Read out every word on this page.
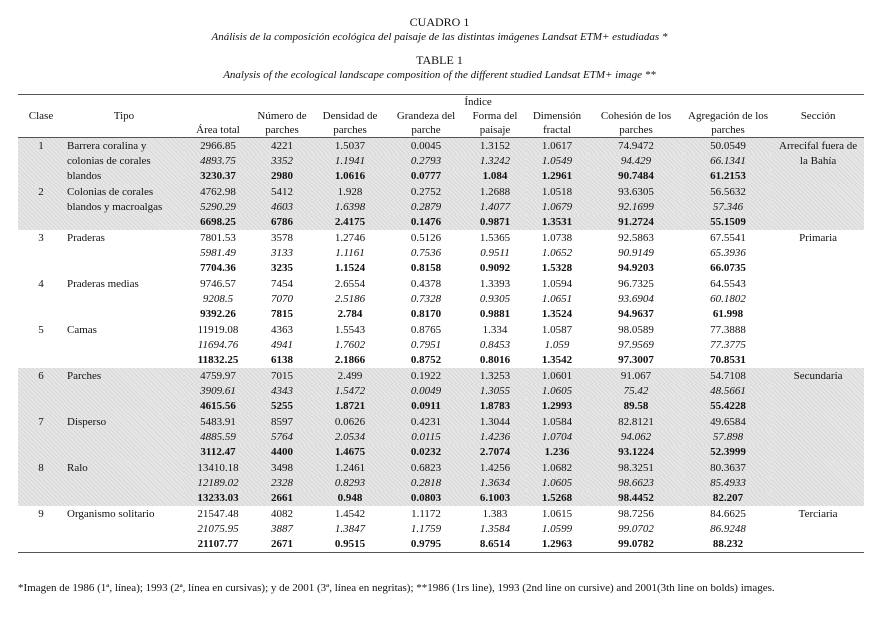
CUADRO 1
Análisis de la composición ecológica del paisaje de las distintas imágenes Landsat ETM+ estudiadas *
TABLE 1
Analysis of the ecological landscape composition of the different studied Landsat ETM+ image **
		Índice								
Clase	Tipo	Área total	Número de parches	Densidad de parches	Grandeza del parche	Forma del paisaje	Dimensión fractal	Cohesión de los parches	Agregación de los parches	Sección
1	Barrera coralina y colonias de corales blandos	2966.85	4221	1.5037	0.0045	1.3152	1.0617	74.9472	50.0549	Arrecifal fuera de la Bahía
		4893.75	3352	1.1941	0.2793	1.3242	1.0549	94.429	66.1341	
		3230.37	2980	1.0616	0.0777	1.084	1.2961	90.7484	61.2153	
2	Colonias de corales blandos y macroalgas	4762.98	5412	1.928	0.2752	1.2688	1.0518	93.6305	56.5632	
		5290.29	4603	1.6398	0.2879	1.4077	1.0679	92.1699	57.346	
		6698.25	6786	2.4175	0.1476	0.9871	1.3531	91.2724	55.1509	
3	Praderas	7801.53	3578	1.2746	0.5126	1.5365	1.0738	92.5863	67.5541	Primaria
		5981.49	3133	1.1161	0.7536	0.9511	1.0652	90.9149	65.3936	
		7704.36	3235	1.1524	0.8158	0.9092	1.5328	94.9203	66.0735	
4	Praderas medias	9746.57	7454	2.6554	0.4378	1.3393	1.0594	96.7325	64.5543	
		9208.5	7070	2.5186	0.7328	0.9305	1.0651	93.6904	60.1802	
		9392.26	7815	2.784	0.8170	0.9881	1.3524	94.9637	61.998	
5	Camas	11919.08	4363	1.5543	0.8765	1.334	1.0587	98.0589	77.3888	
		11694.76	4941	1.7602	0.7951	0.8453	1.059	97.9569	77.3775	
		11832.25	6138	2.1866	0.8752	0.8016	1.3542	97.3007	70.8531	
6	Parches	4759.97	7015	2.499	0.1922	1.3253	1.0601	91.067	54.7108	Secundaria
		3909.61	4343	1.5472	0.0049	1.3055	1.0605	75.42	48.5661	
		4615.56	5255	1.8721	0.0911	1.8783	1.2993	89.58	55.4228	
7	Disperso	5483.91	8597	0.0626	0.4231	1.3044	1.0584	82.8121	49.6584	
		4885.59	5764	2.0534	0.0115	1.4236	1.0704	94.062	57.898	
		3112.47	4400	1.4675	0.0232	2.7074	1.236	93.1224	52.3999	
8	Ralo	13410.18	3498	1.2461	0.6823	1.4256	1.0682	98.3251	80.3637	
		12189.02	2328	0.8293	0.2818	1.3634	1.0605	98.6623	85.4933	
		13233.03	2661	0.948	0.0803	6.1003	1.5268	98.4452	82.207	
9	Organismo solitario	21547.48	4082	1.4542	1.1172	1.383	1.0615	98.7256	84.6625	Terciaria
		21075.95	3887	1.3847	1.1759	1.3584	1.0599	99.0702	86.9248	
		21107.77	2671	0.9515	0.9795	8.6514	1.2963	99.0782	88.232	
*Imagen de 1986 (1ª, línea); 1993 (2ª, línea en cursivas); y de 2001 (3ª, línea en negritas); **1986 (1rs line), 1993 (2nd line on cursive) and 2001(3th line on bolds) images.
